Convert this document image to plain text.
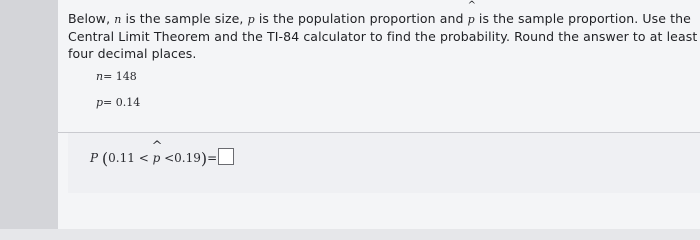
Below, n is the sample size, p is the population proportion and
^
p is the sample proportion. Use the

Central Limit Theorem and the TI-84 calculator to find the probability. Round the answer to at least

four decimal places.

n= 148
p= 0.14
P (0.11 <
^
p <0.19)=
